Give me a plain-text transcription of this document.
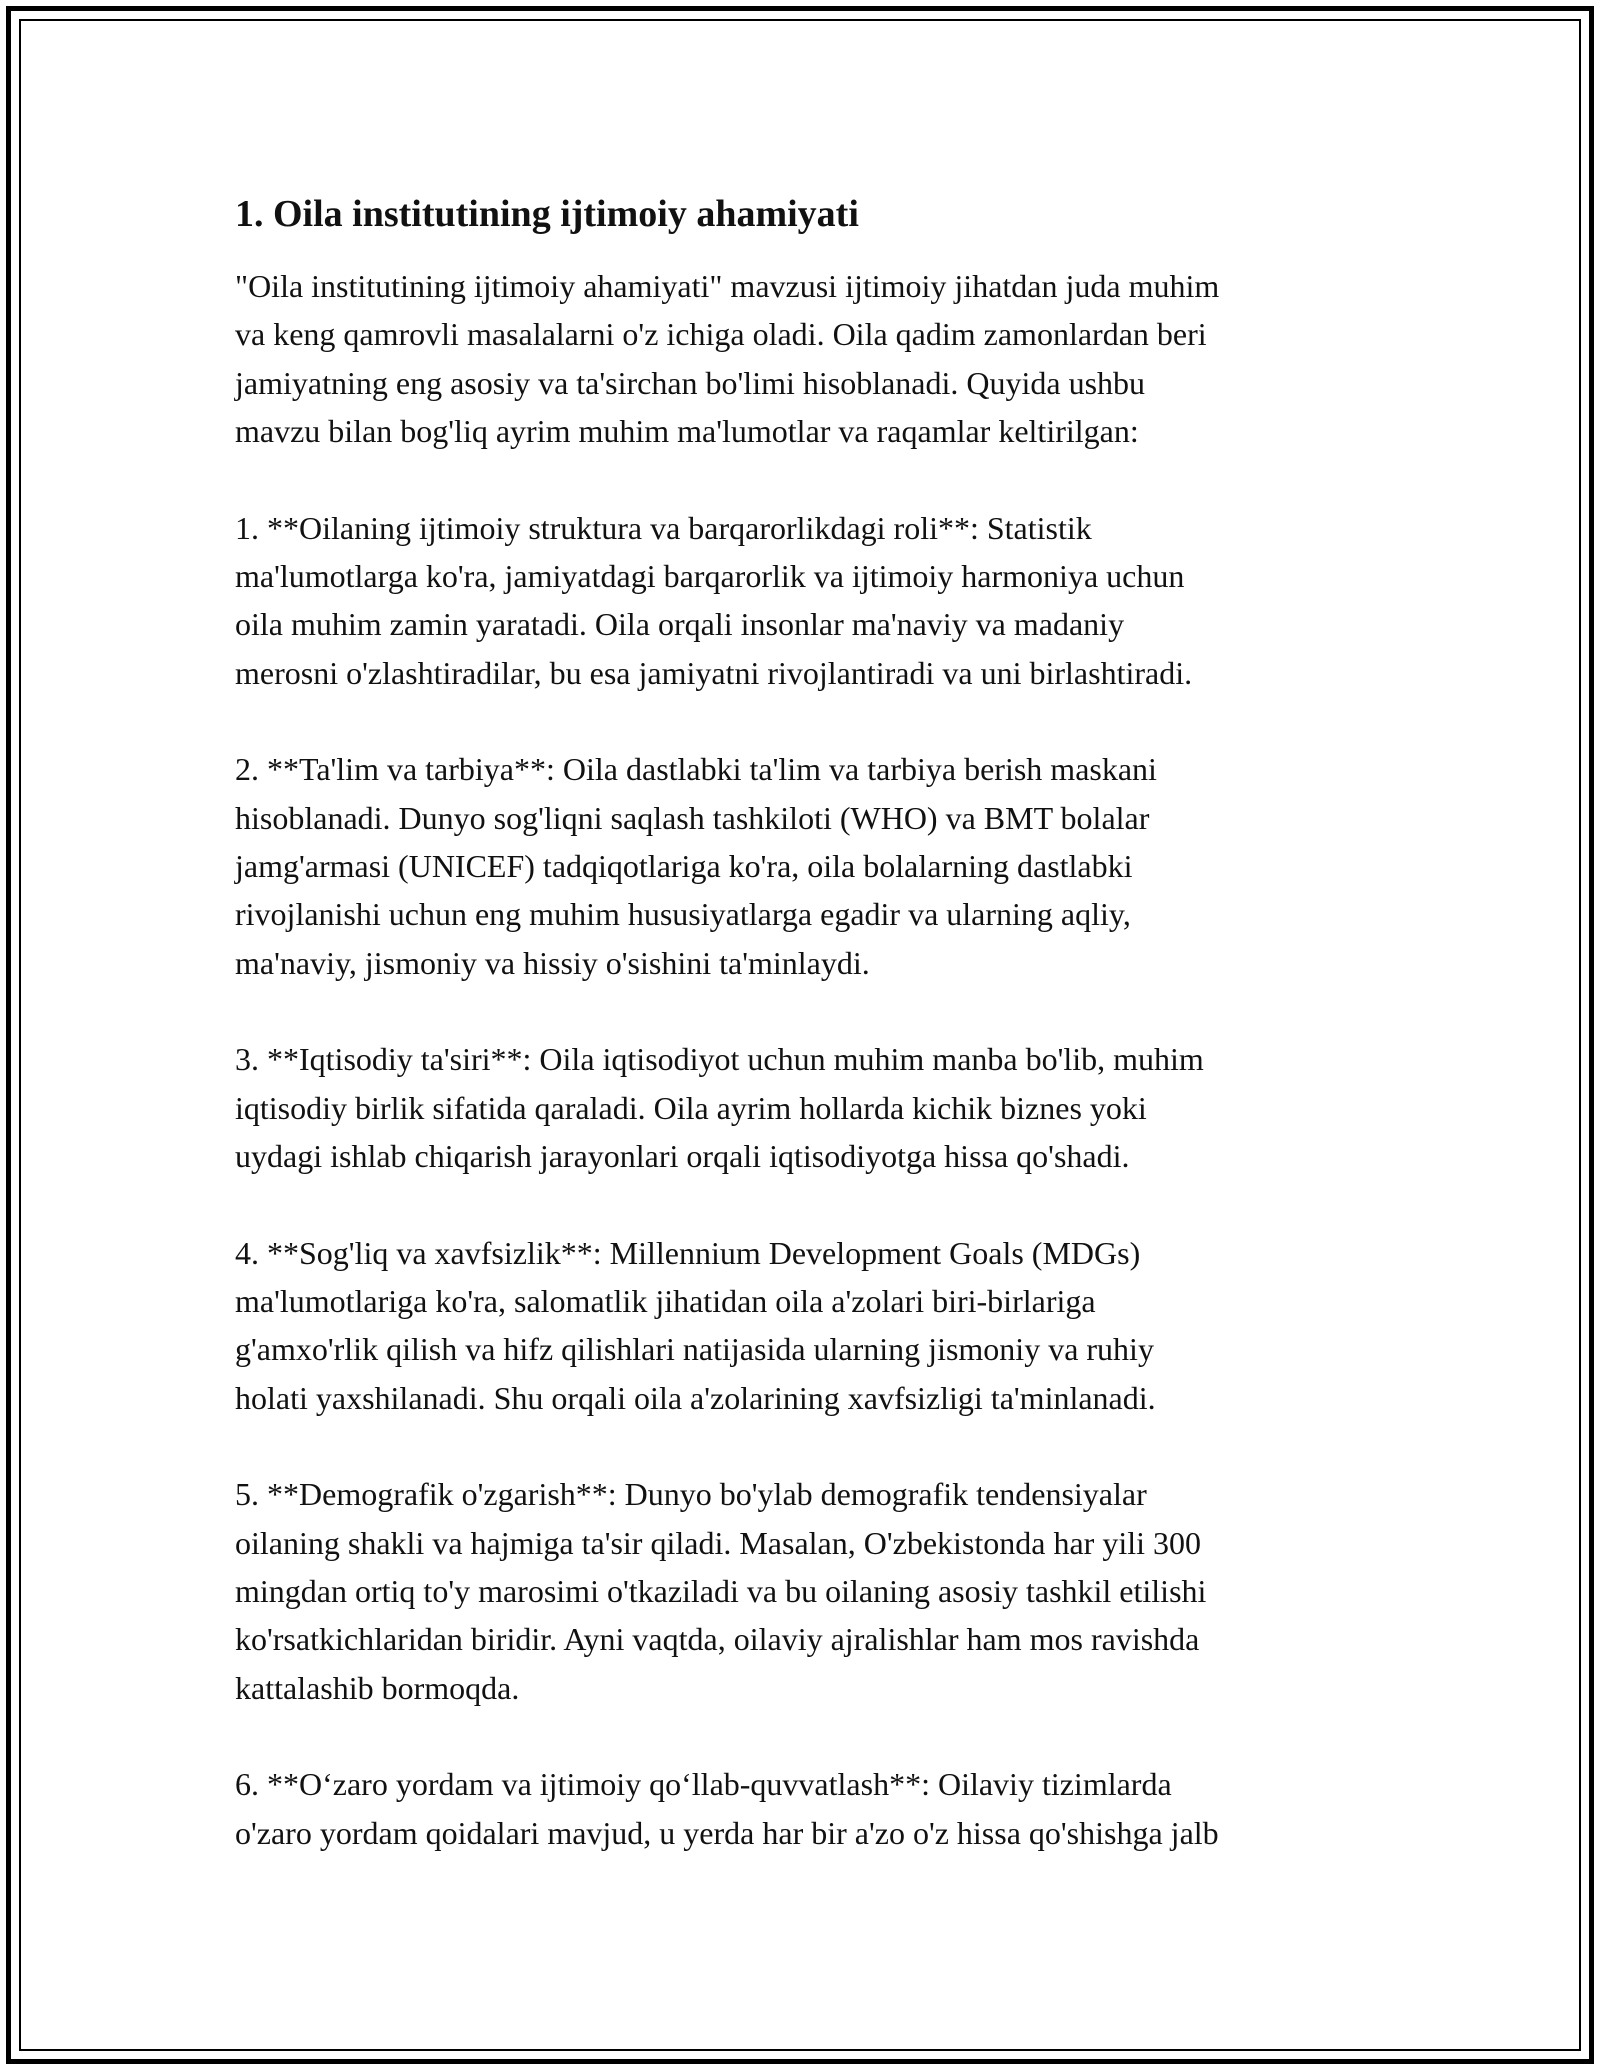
1. Oila institutining ijtimoiy ahamiyati

"Oila institutining ijtimoiy ahamiyati" mavzusi ijtimoiy jihatdan juda muhim
va keng qamrovli masalalarni o'z ichiga oladi. Oila qadim zamonlardan beri
jamiyatning eng asosiy va ta'sirchan bo'limi hisoblanadi. Quyida ushbu
mavzu bilan bog'liq ayrim muhim ma'lumotlar va raqamlar keltirilgan:

1. **Oilaning ijtimoiy struktura va barqarorlikdagi roli**: Statistik
ma'lumotlarga ko'ra, jamiyatdagi barqarorlik va ijtimoiy harmoniya uchun
oila muhim zamin yaratadi. Oila orqali insonlar ma'naviy va madaniy
merosni o'zlashtiradilar, bu esa jamiyatni rivojlantiradi va uni birlashtiradi.

2. **Ta'lim va tarbiya**: Oila dastlabki ta'lim va tarbiya berish maskani
hisoblanadi. Dunyo sog'liqni saqlash tashkiloti (WHO) va BMT bolalar
jamg'armasi (UNICEF) tadqiqotlariga ko'ra, oila bolalarning dastlabki
rivojlanishi uchun eng muhim hususiyatlarga egadir va ularning aqliy,
ma'naviy, jismoniy va hissiy o'sishini ta'minlaydi.

3. **Iqtisodiy ta'siri**: Oila iqtisodiyot uchun muhim manba bo'lib, muhim
iqtisodiy birlik sifatida qaraladi. Oila ayrim hollarda kichik biznes yoki
uydagi ishlab chiqarish jarayonlari orqali iqtisodiyotga hissa qo'shadi.

4. **Sog'liq va xavfsizlik**: Millennium Development Goals (MDGs)
ma'lumotlariga ko'ra, salomatlik jihatidan oila a'zolari biri-birlariga
g'amxo'rlik qilish va hifz qilishlari natijasida ularning jismoniy va ruhiy
holati yaxshilanadi. Shu orqali oila a'zolarining xavfsizligi ta'minlanadi.

5. **Demografik o'zgarish**: Dunyo bo'ylab demografik tendensiyalar
oilaning shakli va hajmiga ta'sir qiladi. Masalan, O'zbekistonda har yili 300
mingdan ortiq to'y marosimi o'tkaziladi va bu oilaning asosiy tashkil etilishi
ko'rsatkichlaridan biridir. Ayni vaqtda, oilaviy ajralishlar ham mos ravishda
kattalashib bormoqda.

6. **O‘zaro yordam va ijtimoiy qo‘llab-quvvatlash**: Oilaviy tizimlarda
o'zaro yordam qoidalari mavjud, u yerda har bir a'zo o'z hissa qo'shishga jalb
